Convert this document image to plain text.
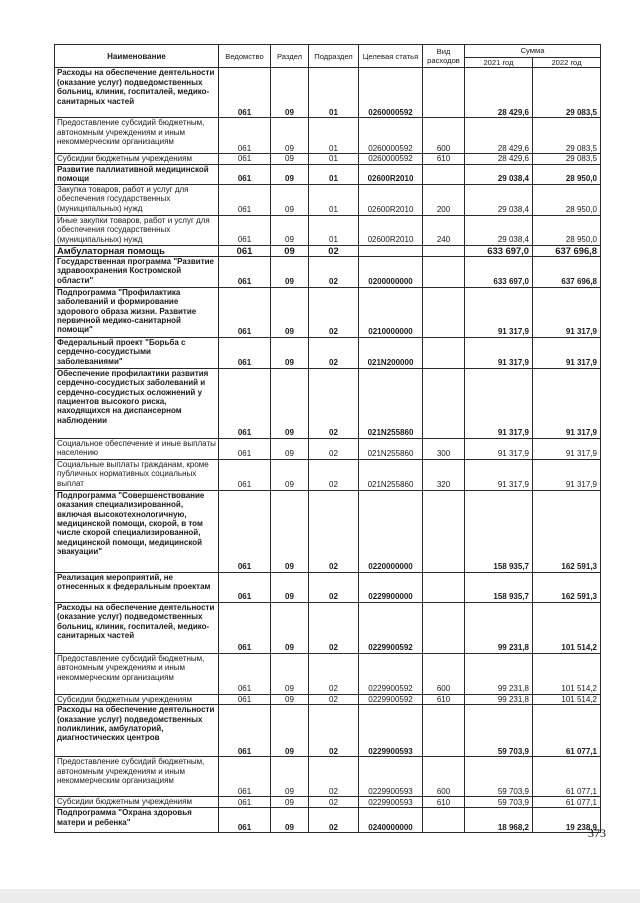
Наименование	Ведомство	Раздел	Подраздел	Целевая статья	Вид расходов	Сумма	
						2021 год	2022 год
Расходы на обеспечение деятельности (оказание услуг) подведомственных больниц, клиник, госпиталей, медико-санитарных частей	061	09	01	0260000592		28 429,6	29 083,5
Предоставление субсидий бюджетным, автономным учреждениям и иным некоммерческим организациям	061	09	01	0260000592	600	28 429,6	29 083,5
Субсидии бюджетным учреждениям	061	09	01	0260000592	610	28 429,6	29 083,5
Развитие паллиативной медицинской помощи	061	09	01	02600R2010		29 038,4	28 950,0
Закупка товаров, работ и услуг для обеспечения государственных (муниципальных) нужд	061	09	01	02600R2010	200	29 038,4	28 950,0
Иные закупки товаров, работ и услуг для обеспечения государственных (муниципальных) нужд	061	09	01	02600R2010	240	29 038,4	28 950,0
Амбулаторная помощь	061	09	02			633 697,0	637 696,8
Государственная программа "Развитие здравоохранения Костромской области"	061	09	02	0200000000		633 697,0	637 696,8
Подпрограмма "Профилактика заболеваний и формирование здорового образа жизни. Развитие первичной медико-санитарной помощи"	061	09	02	0210000000		91 317,9	91 317,9
Федеральный проект "Борьба с сердечно-сосудистыми заболеваниями"	061	09	02	021N200000		91 317,9	91 317,9
Обеспечение профилактики развития сердечно-сосудистых заболеваний и сердечно-сосудистых осложнений у пациентов высокого риска, находящихся на диспансерном наблюдении	061	09	02	021N255860		91 317,9	91 317,9
Социальное обеспечение и иные выплаты населению	061	09	02	021N255860	300	91 317,9	91 317,9
Социальные выплаты гражданам, кроме публичных нормативных социальных выплат	061	09	02	021N255860	320	91 317,9	91 317,9
Подпрограмма "Совершенствование оказания специализированной, включая высокотехнологичную, медицинской помощи, скорой, в том числе скорой специализированной, медицинской помощи, медицинской эвакуации"	061	09	02	0220000000		158 935,7	162 591,3
Реализация мероприятий, не отнесенных к федеральным проектам	061	09	02	0229900000		158 935,7	162 591,3
Расходы на обеспечение деятельности (оказание услуг) подведомственных больниц, клиник, госпиталей, медико-санитарных частей	061	09	02	0229900592		99 231,8	101 514,2
Предоставление субсидий бюджетным, автономным учреждениям и иным некоммерческим организациям	061	09	02	0229900592	600	99 231,8	101 514,2
Субсидии бюджетным учреждениям	061	09	02	0229900592	610	99 231,8	101 514,2
Расходы на обеспечение деятельности (оказание услуг) подведомственных поликлиник, амбулаторий, диагностических центров	061	09	02	0229900593		59 703,9	61 077,1
Предоставление субсидий бюджетным, автономным учреждениям и иным некоммерческим организациям	061	09	02	0229900593	600	59 703,9	61 077,1
Субсидии бюджетным учреждениям	061	09	02	0229900593	610	59 703,9	61 077,1
Подпрограмма "Охрана здоровья матери и ребенка"	061	09	02	0240000000		18 968,2	19 238,9
373
